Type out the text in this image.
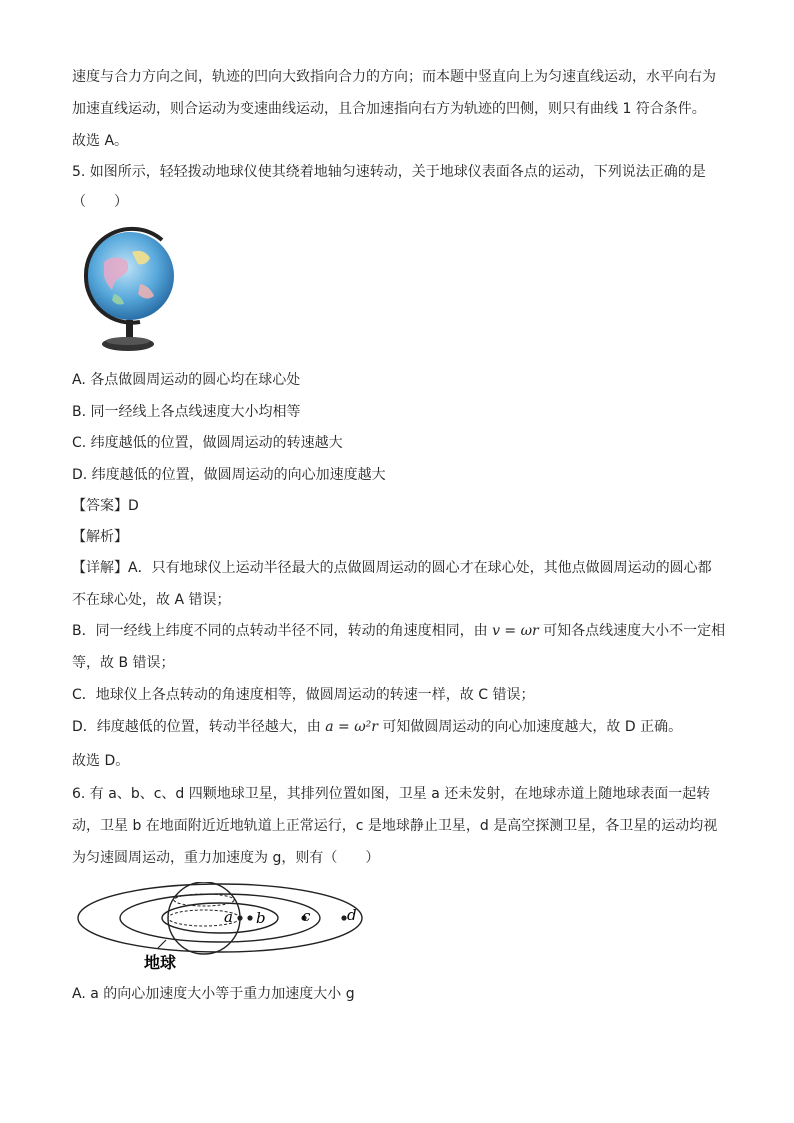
速度与合力方向之间，轨迹的凹向大致指向合力的方向；而本题中竖直向上为匀速直线运动，水平向右为
加速直线运动，则合运动为变速曲线运动，且合加速指向右方为轨迹的凹侧，则只有曲线 1 符合条件。
故选 A。
5. 如图所示，轻轻拨动地球仪使其绕着地轴匀速转动，关于地球仪表面各点的运动，下列说法正确的是
（　　）
A. 各点做圆周运动的圆心均在球心处
B. 同一经线上各点线速度大小均相等
C. 纬度越低的位置，做圆周运动的转速越大
D. 纬度越低的位置，做圆周运动的向心加速度越大
【答案】D
【解析】
【详解】A．只有地球仪上运动半径最大的点做圆周运动的圆心才在球心处，其他点做圆周运动的圆心都
不在球心处，故 A 错误；
B．同一经线上纬度不同的点转动半径不同，转动的角速度相同，由 v = ωr 可知各点线速度大小不一定相
等，故 B 错误；
C．地球仪上各点转动的角速度相等，做圆周运动的转速一样，故 C 错误；
D．纬度越低的位置，转动半径越大，由 a = ω²r 可知做圆周运动的向心加速度越大，故 D 正确。
故选 D。
6. 有 a、b、c、d 四颗地球卫星，其排列位置如图，卫星 a 还未发射，在地球赤道上随地球表面一起转
动，卫星 b 在地面附近近地轨道上正常运行，c 是地球静止卫星，d 是高空探测卫星，各卫星的运动均视
为匀速圆周运动，重力加速度为 g，则有（　　）
a b c d
地球
A. a 的向心加速度大小等于重力加速度大小 g
